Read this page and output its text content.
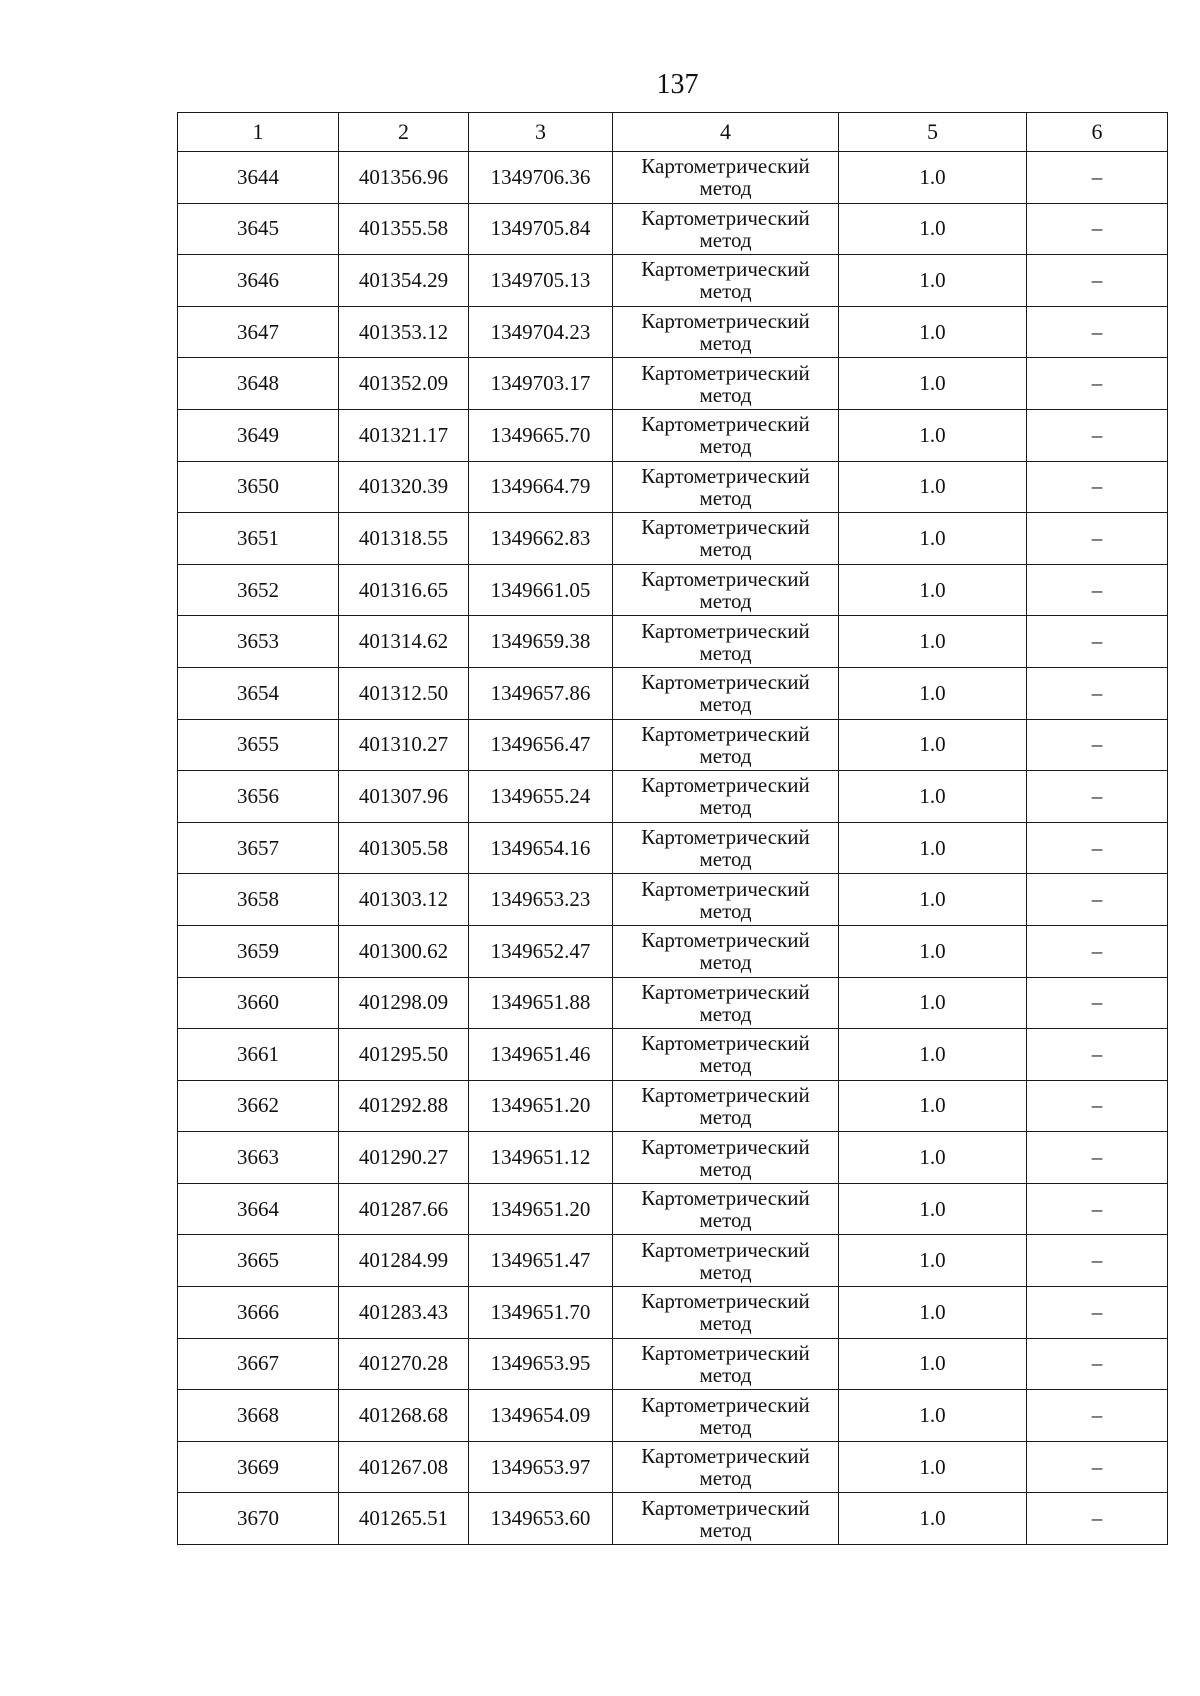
137
1	2	3	4	5	6
3644	401356.96	1349706.36	Картометрический
метод	1.0	–
3645	401355.58	1349705.84	Картометрический
метод	1.0	–
3646	401354.29	1349705.13	Картометрический
метод	1.0	–
3647	401353.12	1349704.23	Картометрический
метод	1.0	–
3648	401352.09	1349703.17	Картометрический
метод	1.0	–
3649	401321.17	1349665.70	Картометрический
метод	1.0	–
3650	401320.39	1349664.79	Картометрический
метод	1.0	–
3651	401318.55	1349662.83	Картометрический
метод	1.0	–
3652	401316.65	1349661.05	Картометрический
метод	1.0	–
3653	401314.62	1349659.38	Картометрический
метод	1.0	–
3654	401312.50	1349657.86	Картометрический
метод	1.0	–
3655	401310.27	1349656.47	Картометрический
метод	1.0	–
3656	401307.96	1349655.24	Картометрический
метод	1.0	–
3657	401305.58	1349654.16	Картометрический
метод	1.0	–
3658	401303.12	1349653.23	Картометрический
метод	1.0	–
3659	401300.62	1349652.47	Картометрический
метод	1.0	–
3660	401298.09	1349651.88	Картометрический
метод	1.0	–
3661	401295.50	1349651.46	Картометрический
метод	1.0	–
3662	401292.88	1349651.20	Картометрический
метод	1.0	–
3663	401290.27	1349651.12	Картометрический
метод	1.0	–
3664	401287.66	1349651.20	Картометрический
метод	1.0	–
3665	401284.99	1349651.47	Картометрический
метод	1.0	–
3666	401283.43	1349651.70	Картометрический
метод	1.0	–
3667	401270.28	1349653.95	Картометрический
метод	1.0	–
3668	401268.68	1349654.09	Картометрический
метод	1.0	–
3669	401267.08	1349653.97	Картометрический
метод	1.0	–
3670	401265.51	1349653.60	Картометрический
метод	1.0	–
